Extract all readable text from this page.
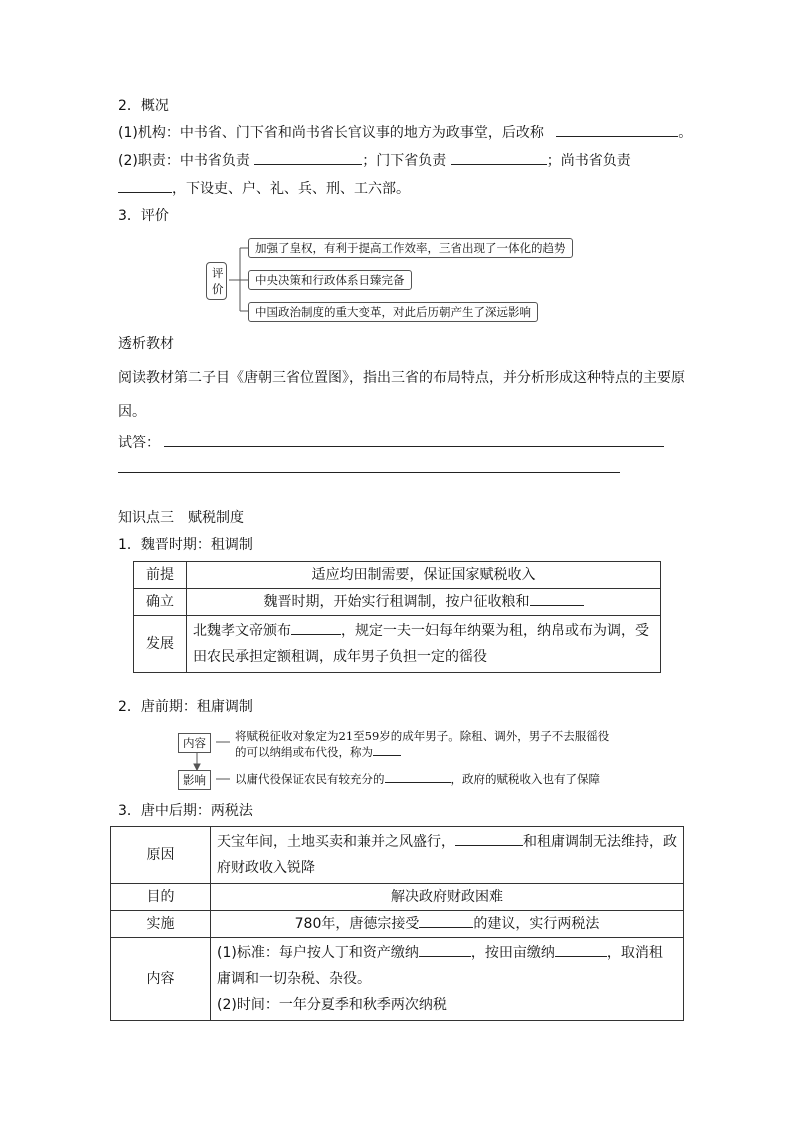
2．概况
(1)机构：中书省、门下省和尚书省长官议事的地方为政事堂，后改称	。
(2)职责：中书省负责	；门下省负责	；尚书省负责
，下设吏、户、礼、兵、刑、工六部。
3．评价
评价
加强了皇权，有利于提高工作效率，三省出现了一体化的趋势
中央决策和行政体系日臻完备
中国政治制度的重大变革，对此后历朝产生了深远影响
透析教材
阅读教材第二子目《唐朝三省位置图》，指出三省的布局特点，并分析形成这种特点的主要原
因。
试答：
知识点三　赋税制度
1．魏晋时期：租调制
前提	适应均田制需要，保证国家赋税收入
确立	魏晋时期，开始实行租调制，按户征收粮和
发展	北魏孝文帝颁布 ，规定一夫一妇每年纳粟为租，纳帛或布为调，受
田农民承担定额租调，成年男子负担一定的徭役
2．唐前期：租庸调制
内容
影响
将赋税征收对象定为21至59岁的成年男子。除租、调外，男子不去服徭役
的可以纳绢或布代役，称为
以庸代役保证农民有较充分的	，政府的赋税收入也有了保障
3．唐中后期：两税法
原因	天宝年间，土地买卖和兼并之风盛行， 和租庸调制无法维持，政
府财政收入锐降
目的	解决政府财政困难
实施	780年，唐德宗接受 的建议，实行两税法
内容	(1)标准：每户按人丁和资产缴纳 ，按田亩缴纳 ，取消租
庸调和一切杂税、杂役。
(2)时间：一年分夏季和秋季两次纳税
